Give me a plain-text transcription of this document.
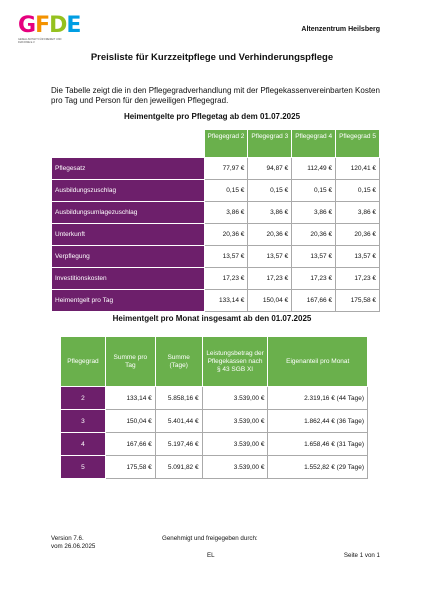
GFDE
GESELLSCHAFT FÜR FREIZEIT UND DIAKONIE E.V.
Altenzentrum Heilsberg
Preisliste für Kurzzeitpflege und Verhinderungspflege
Die Tabelle zeigt die in den Pflegegradverhandlung mit der Pflegekassenvereinbarten Kosten pro Tag und Person für den jeweiligen Pflegegrad.
Heimentgelte pro Pflegetag ab dem 01.07.2025
	Pflegegrad 2	Pflegegrad 3	Pflegegrad 4	Pflegegrad 5
Pflegesatz	77,97 €	94,87 €	112,49 €	120,41 €
Ausbildungszuschlag	0,15 €	0,15 €	0,15 €	0,15 €
Ausbildungsumlagezuschlag	3,86 €	3,86 €	3,86 €	3,86 €
Unterkunft	20,36 €	20,36 €	20,36 €	20,36 €
Verpflegung	13,57 €	13,57 €	13,57 €	13,57 €
Investitionskosten	17,23 €	17,23 €	17,23 €	17,23 €
Heimentgelt pro Tag	133,14 €	150,04 €	167,66 €	175,58 €
Heimentgelt pro Monat insgesamt ab den 01.07.2025
Pflegegrad	Summe pro Tag	Summe (Tage)	Leistungsbetrag der Pflegekassen nach § 43 SGB XI	Eigenanteil pro Monat
2	133,14 €	5.858,16 €	3.539,00 €	2.319,16 € (44 Tage)
3	150,04 €	5.401,44 €	3.539,00 €	1.862,44 € (36 Tage)
4	167,66 €	5.197,46 €	3.539,00 €	1.658,46 € (31 Tage)
5	175,58 €	5.091,82 €	3.539,00 €	1.552,82 € (29 Tage)
Version 7.6.
vom 26.06.2025
Genehmigt und freigegeben durch:
EL	Seite 1 von 1
